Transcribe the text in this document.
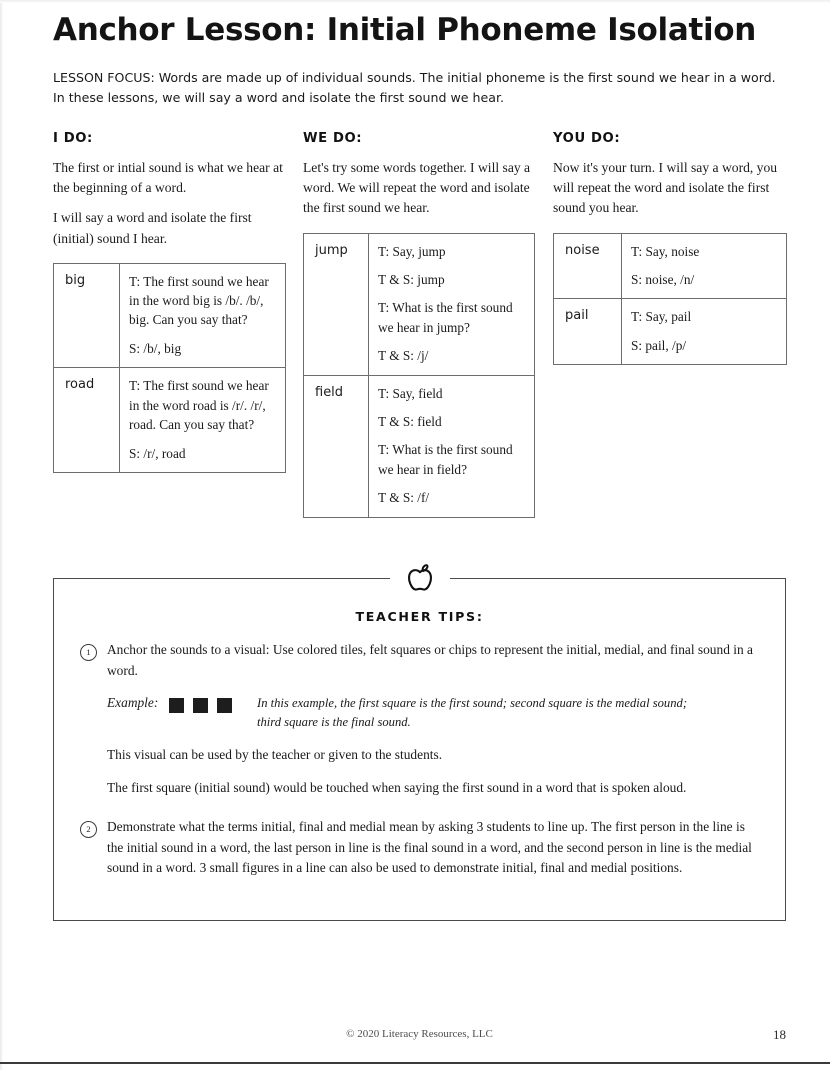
Anchor Lesson: Initial Phoneme Isolation

LESSON FOCUS: Words are made up of individual sounds. The initial phoneme is the first sound we hear in a word. In these lessons, we will say a word and isolate the first sound we hear.

I DO:

The first or intial sound is what we hear at the beginning of a word.

I will say a word and isolate the first (initial) sound I hear.

big	T: The first sound we hear in the word big is /b/. /b/, big. Can you say that?

S: /b/, big

road	T: The first sound we hear in the word road is /r/. /r/, road. Can you say that?

S: /r/, road

WE DO:

Let's try some words together. I will say a word. We will repeat the word and isolate the first sound we hear.

jump	T: Say, jump

T & S: jump

T: What is the first sound we hear in jump?

T & S: /j/

field	T: Say, field

T & S: field

T: What is the first sound we hear in field?

T & S: /f/

YOU DO:

Now it's your turn. I will say a word, you will repeat the word and isolate the first sound you hear.

noise	T: Say, noise

S: noise, /n/

pail	T: Say, pail

S: pail, /p/

TEACHER TIPS:
1	Anchor the sounds to a visual: Use colored tiles, felt squares or chips to represent the initial, medial, and final sound in a word.

Example:	In this example, the first square is the first sound; second square is the medial sound; third square is the final sound.

This visual can be used by the teacher or given to the students.

The first square (initial sound) would be touched when saying the first sound in a word that is spoken aloud.

2	Demonstrate what the terms initial, final and medial mean by asking 3 students to line up. The first person in the line is the initial sound in a word, the last person in line is the final sound in a word, and the second person in line is the medial sound in a word. 3 small figures in a line can also be used to demonstrate initial, final and medial positions.

© 2020 Literacy Resources, LLC	18
